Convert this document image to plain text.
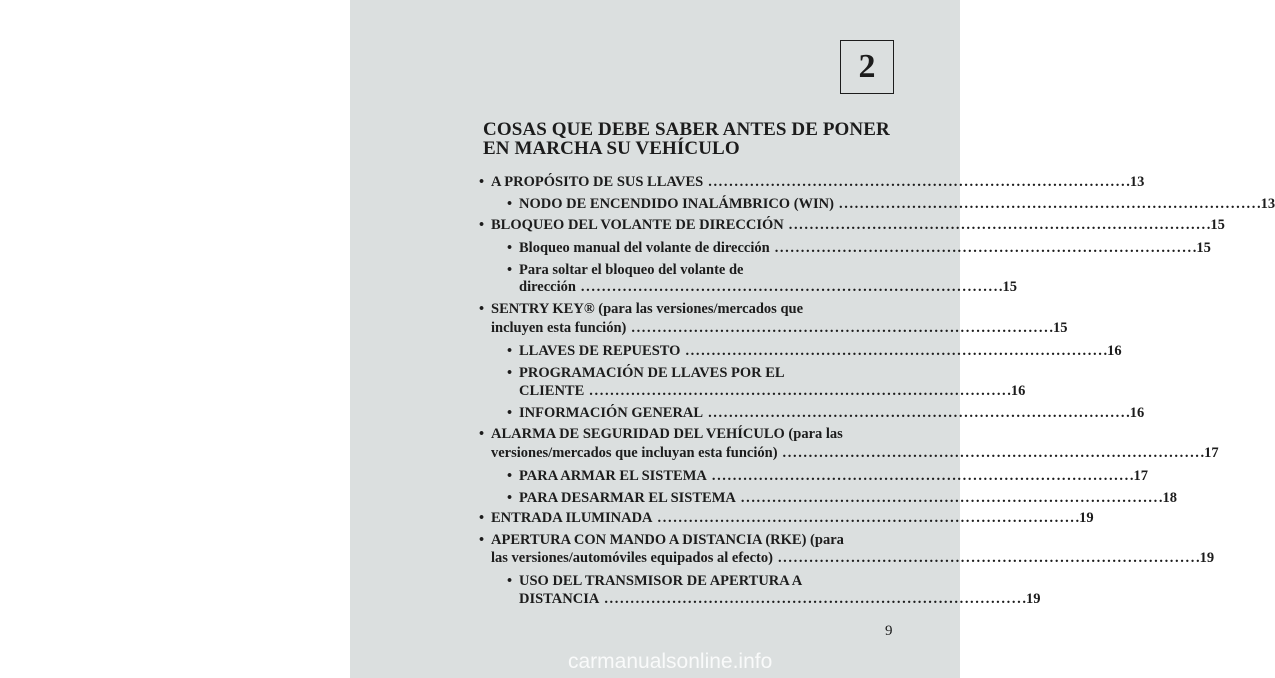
2
COSAS QUE DEBE SABER ANTES DE PONER
EN MARCHA SU VEHÍCULO
• A PROPÓSITO DE SUS LLAVES ................................................................................ .13
• NODO DE ENCENDIDO INALÁMBRICO (WIN) ................................................................................ .13
• BLOQUEO DEL VOLANTE DE DIRECCIÓN ................................................................................ .15
• Bloqueo manual del volante de dirección ................................................................................ .15
• Para soltar el bloqueo del volante de
dirección ................................................................................ .15
• SENTRY KEY® (para las versiones/mercados que
incluyen esta función) ................................................................................ .15
• LLAVES DE REPUESTO ................................................................................ .16
• PROGRAMACIÓN DE LLAVES POR EL
CLIENTE ................................................................................ .16
• INFORMACIÓN GENERAL ................................................................................ .16
• ALARMA DE SEGURIDAD DEL VEHÍCULO (para las
versiones/mercados que incluyan esta función) ................................................................................ .17
• PARA ARMAR EL SISTEMA ................................................................................ .17
• PARA DESARMAR EL SISTEMA ................................................................................ .18
• ENTRADA ILUMINADA ................................................................................ .19
• APERTURA CON MANDO A DISTANCIA (RKE) (para
las versiones/automóviles equipados al efecto) ................................................................................ .19
• USO DEL TRANSMISOR DE APERTURA A
DISTANCIA ................................................................................ .19
9
carmanualsonline.info
